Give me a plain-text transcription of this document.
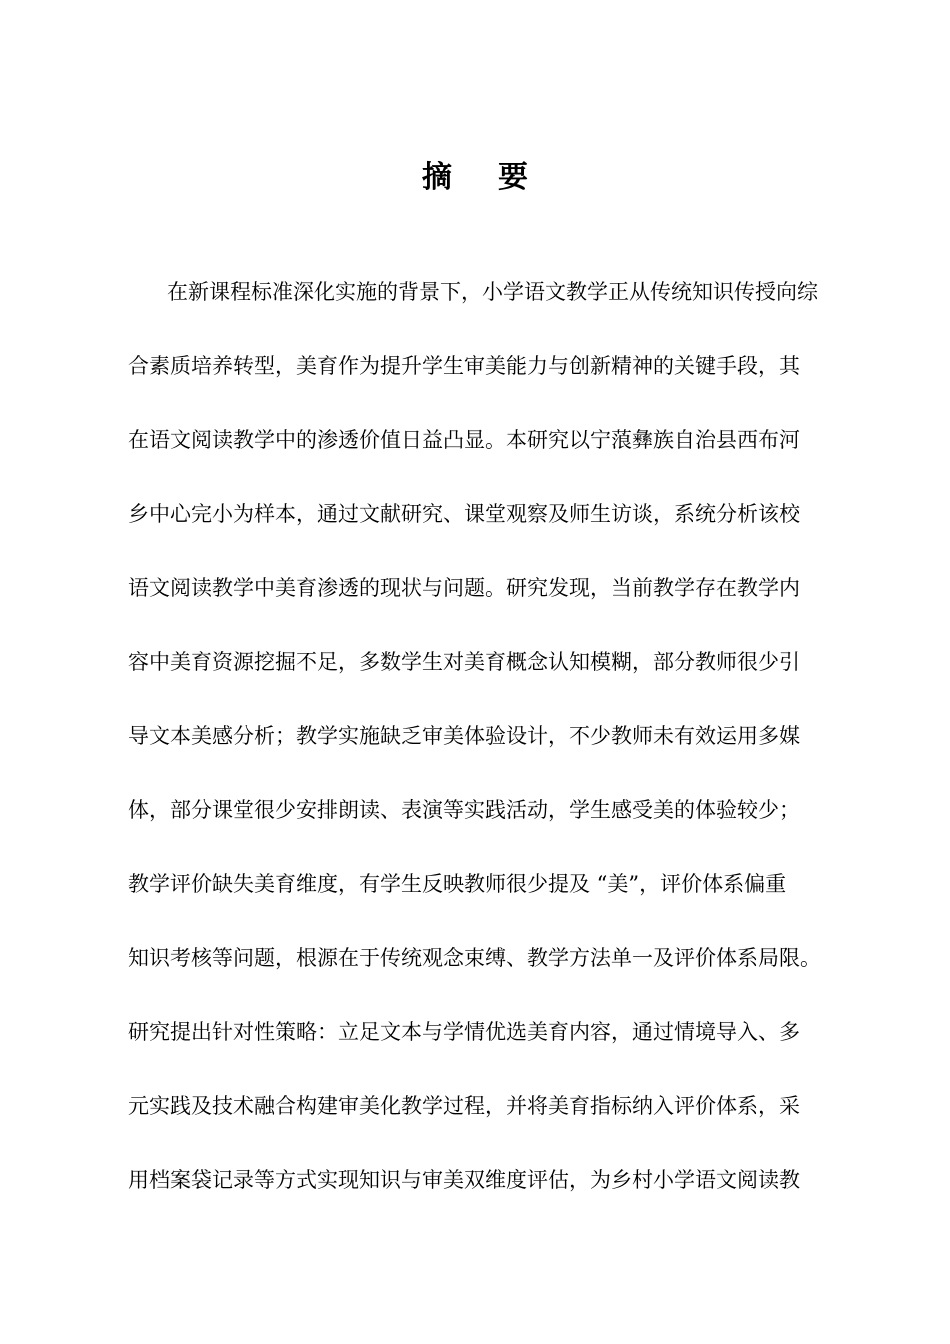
摘 要
在新课程标准深化实施的背景下，小学语文教学正从传统知识传授向综
合素质培养转型，美育作为提升学生审美能力与创新精神的关键手段，其
在语文阅读教学中的渗透价值日益凸显。本研究以宁蒗彝族自治县西布河
乡中心完小为样本，通过文献研究、课堂观察及师生访谈，系统分析该校
语文阅读教学中美育渗透的现状与问题。研究发现，当前教学存在教学内
容中美育资源挖掘不足，多数学生对美育概念认知模糊，部分教师很少引
导文本美感分析；教学实施缺乏审美体验设计，不少教师未有效运用多媒
体，部分课堂很少安排朗读、表演等实践活动，学生感受美的体验较少；
教学评价缺失美育维度，有学生反映教师很少提及 “美”，评价体系偏重
知识考核等问题，根源在于传统观念束缚、教学方法单一及评价体系局限。
研究提出针对性策略：立足文本与学情优选美育内容，通过情境导入、多
元实践及技术融合构建审美化教学过程，并将美育指标纳入评价体系，采
用档案袋记录等方式实现知识与审美双维度评估，为乡村小学语文阅读教
